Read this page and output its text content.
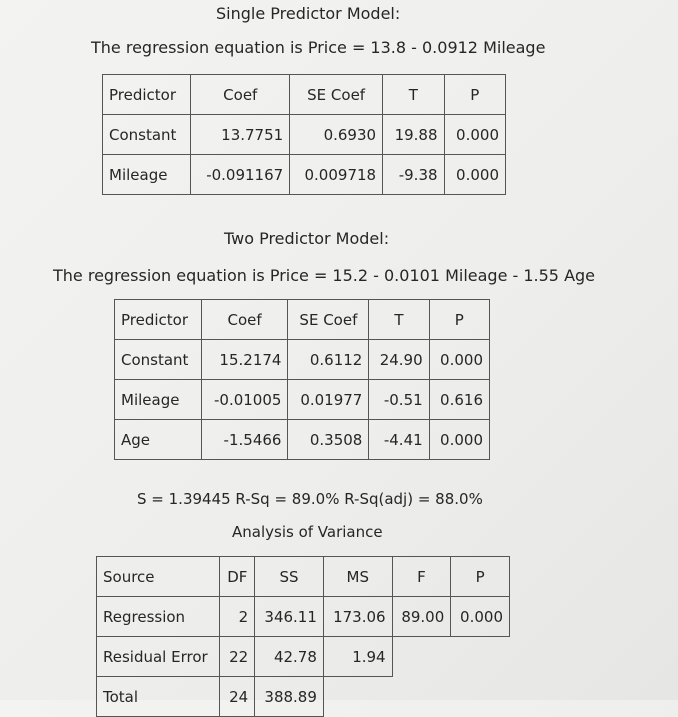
Single Predictor Model:
The regression equation is Price = 13.8 - 0.0912 Mileage
Predictor	Coef	SE Coef	T	P
Constant	13.7751	0.6930	19.88	0.000
Mileage	-0.091167	0.009718	-9.38	0.000
Two Predictor Model:
The regression equation is Price = 15.2 - 0.0101 Mileage - 1.55 Age
Predictor	Coef	SE Coef	T	P
Constant	15.2174	0.6112	24.90	0.000
Mileage	-0.01005	0.01977	-0.51	0.616
Age	-1.5466	0.3508	-4.41	0.000
S = 1.39445 R-Sq = 89.0% R-Sq(adj) = 88.0%
Analysis of Variance
Source	DF	SS	MS	F	P
Regression	2	346.11	173.06	89.00	0.000
Residual Error	22	42.78	1.94		
Total	24	388.89			
